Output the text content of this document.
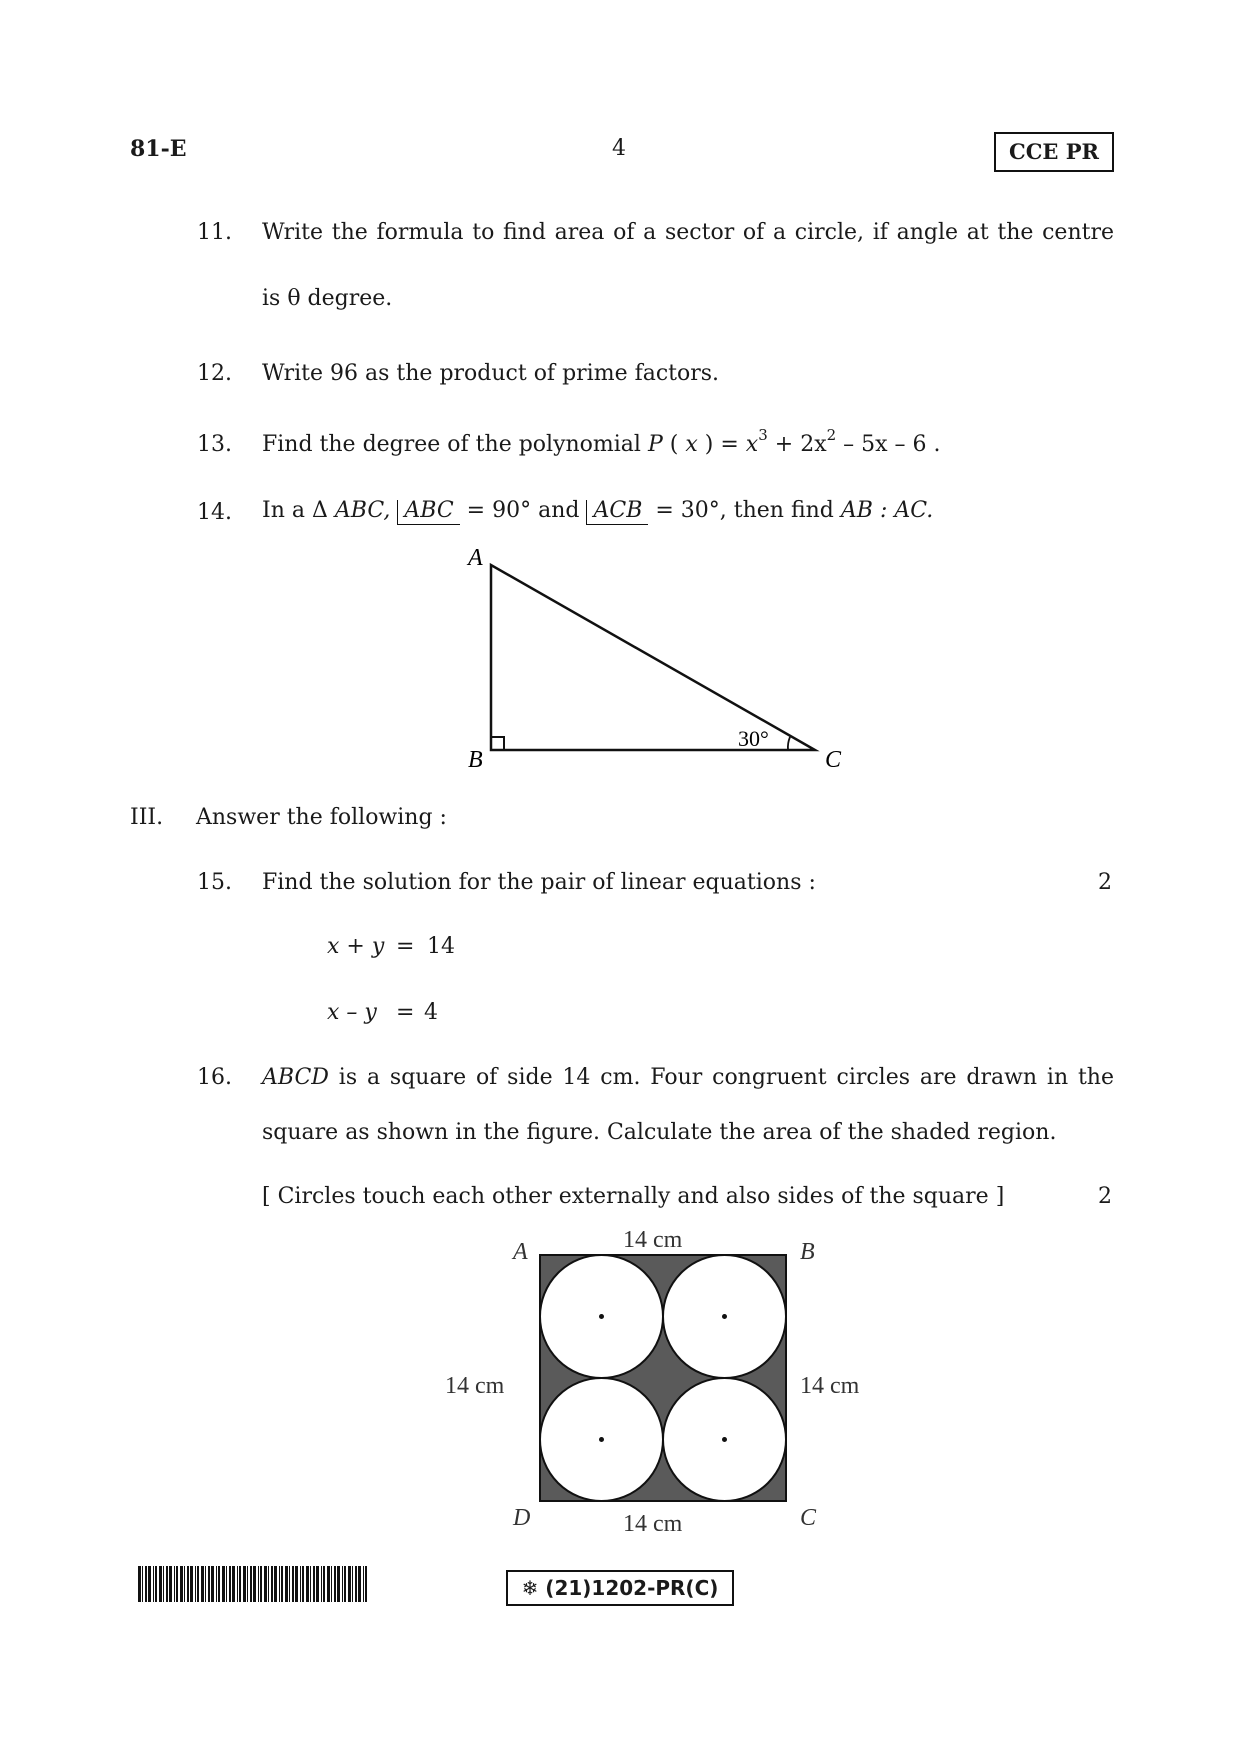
81-E	4	CCE PR
11. Write the formula to find area of a sector of a circle, if angle at the centre
is θ degree.
12. Write 96 as the product of prime factors.
13. Find the degree of the polynomial P ( x ) = $x^3 + 2x^2 - 5x - 6$ .
14. In a Δ ABC, ABC = 90° and ACB = 30°, then find AB : AC.
A
B	C
30°
III. Answer the following :
15. Find the solution for the pair of linear equations :	2
x + y = 14
x – y = 4
16. ABCD is a square of side 14 cm. Four congruent circles are drawn in the
square as shown in the figure. Calculate the area of the shaded region.
[ Circles touch each other externally and also sides of the square ]	2
A	B
C
D
14 cm
14 cm
14 cm	14 cm
❄ (21)1202-PR(C)
